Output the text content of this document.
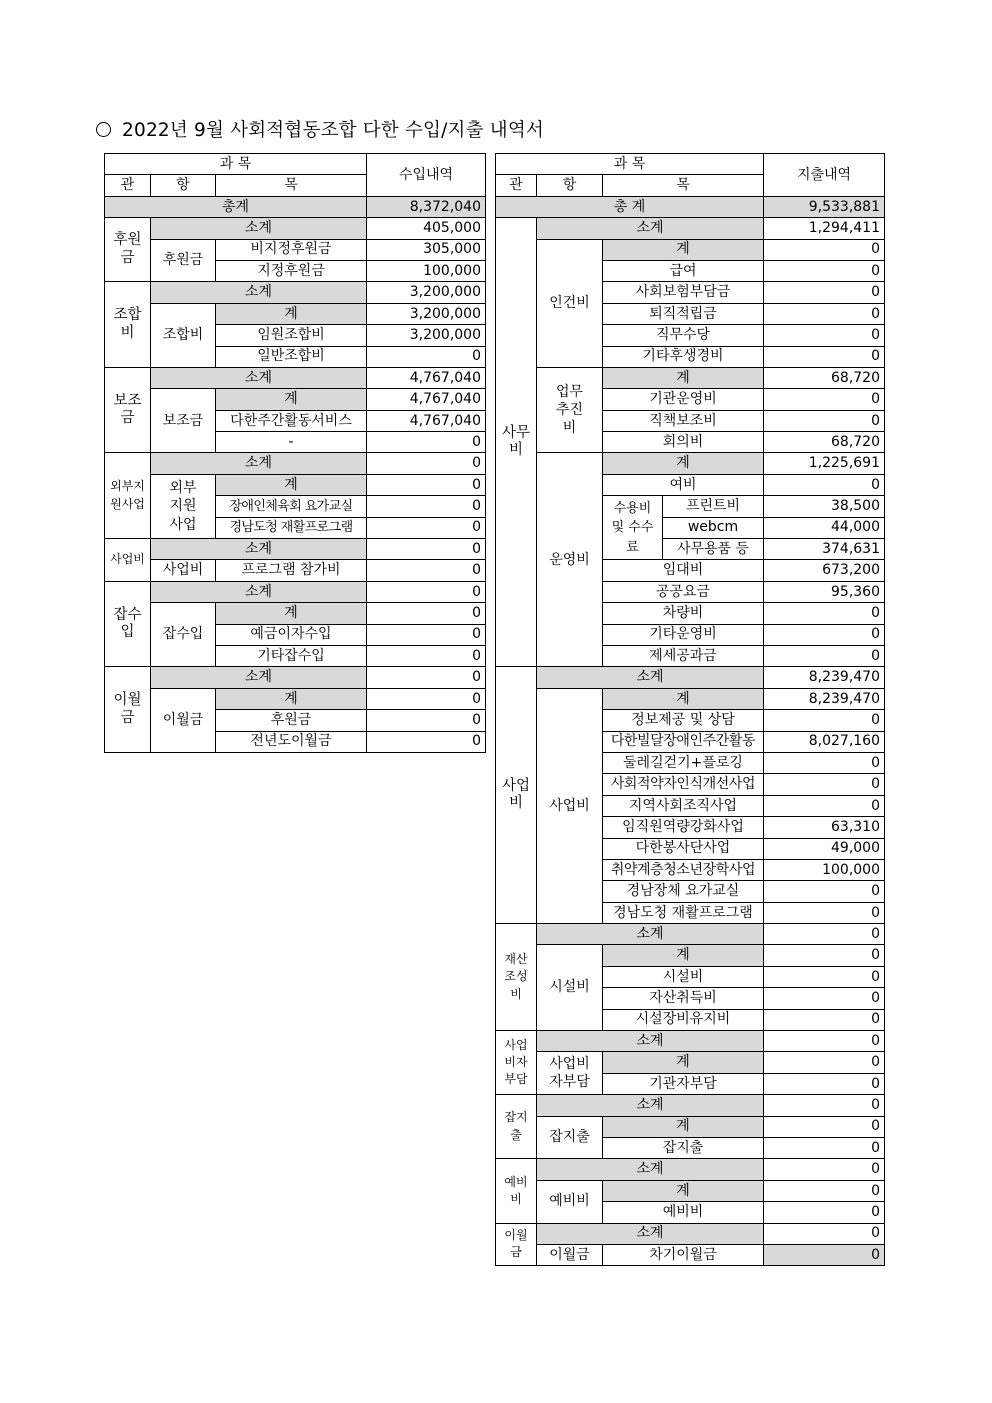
2022년 9월 사회적협동조합 다한 수입/지출 내역서
과 목			수입내역
관	항	목	
총계			8,372,040
후원금	소계		405,000
	후원금	비지정후원금	305,000
		지정후원금	100,000
조합비	소계		3,200,000
	조합비	계	3,200,000
		임원조합비	3,200,000
		일반조합비	0
보조금	소계		4,767,040
	보조금	계	4,767,040
		다한주간활동서비스	4,767,040
		-	0
외부지원사업	소계		0
	외부지원사업	계	0
		장애인체육회 요가교실	0
		경남도청 재활프로그램	0
사업비	소계		0
	사업비	프로그램 참가비	0
잡수입	소계		0
	잡수입	계	0
		예금이자수입	0
		기타잡수입	0
이월금	소계		0
	이월금	계	0
		후원금	0
		전년도이월금	0
과 목				지출내역
관	항	목		
총 계				9,533,881
사무비	소계			1,294,411
	인건비	계		0
		급여		0
		사회보험부담금		0
		퇴직적립금		0
		직무수당		0
		기타후생경비		0
	업무 추진비	계		68,720
		기관운영비		0
		직책보조비		0
		회의비		68,720
	운영비	계		1,225,691
		여비		0
		수용비 및 수수료	프린트비	38,500
			webcm	44,000
			사무용품 등	374,631
		임대비		673,200
		공공요금		95,360
		차량비		0
		기타운영비		0
		제세공과금		0
사업비	소계			8,239,470
	사업비	계		8,239,470
		정보제공 및 상담		0
		다한빌달장애인주간활동		8,027,160
		둘레길걷기+플로깅		0
		사회적약자인식개선사업		0
		지역사회조직사업		0
		임직원역량강화사업		63,310
		다한봉사단사업		49,000
		취약계층청소년장학사업		100,000
		경남장체 요가교실		0
		경남도청 재활프로그램		0
재산조성비	소계			0
	시설비	계		0
		시설비		0
		자산취득비		0
		시설장비유지비		0
사업비자부담	소계			0
	사업비 자부담	계		0
		기관자부담		0
잡지출	소계			0
	잡지출	계		0
		잡지출		0
예비비	소계			0
	예비비	계		0
		예비비		0
이월금	소계			0
	이월금	차기이월금		0
